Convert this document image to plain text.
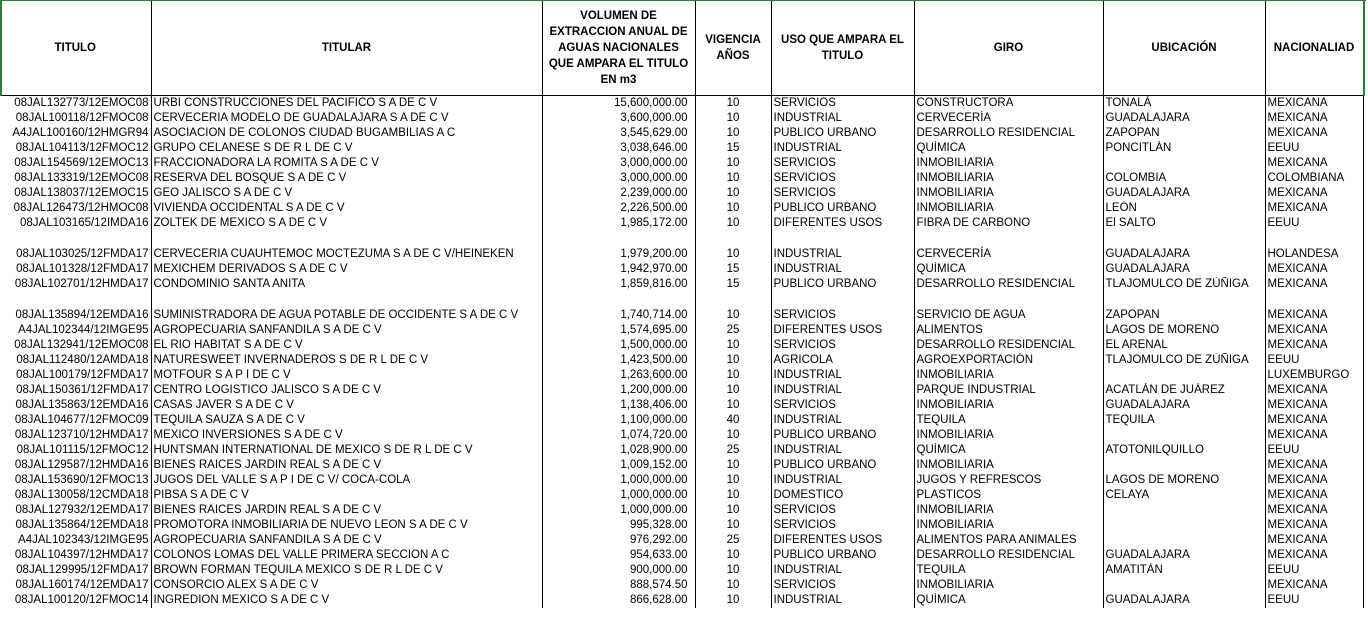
TITULO	TITULAR	VOLUMEN DE EXTRACCION ANUAL DE AGUAS NACIONALES QUE AMPARA EL TITULO EN m3	VIGENCIA AÑOS	USO QUE AMPARA EL TITULO	GIRO	UBICACIÓN	NACIONALIAD
08JAL132773/12EMOC08	URBI CONSTRUCCIONES DEL PACIFICO S A DE C V	15,600,000.00	10	SERVICIOS	CONSTRUCTORA	TONALÁ	MEXICANA
08JAL100118/12FMOC08	CERVECERIA MODELO DE GUADALAJARA S A DE C V	3,600,000.00	10	INDUSTRIAL	CERVECERÍA	GUADALAJARA	MEXICANA
A4JAL100160/12HMGR94	ASOCIACION DE COLONOS CIUDAD BUGAMBILIAS A C	3,545,629.00	10	PUBLICO URBANO	DESARROLLO RESIDENCIAL	ZAPOPAN	MEXICANA
08JAL104113/12FMOC12	GRUPO CELANESE S DE R L DE C V	3,038,646.00	15	INDUSTRIAL	QUÍMICA	PONCITLÁN	EEUU
08JAL154569/12EMOC13	FRACCIONADORA LA ROMITA S A DE C V	3,000,000.00	10	SERVICIOS	INMOBILIARIA		MEXICANA
08JAL133319/12EMOC08	RESERVA DEL BOSQUE S A DE C V	3,000,000.00	10	SERVICIOS	INMOBILIARIA	COLOMBIA	COLOMBIANA
08JAL138037/12EMOC15	GEO JALISCO S A DE C V	2,239,000.00	10	SERVICIOS	INMOBILIARIA	GUADALAJARA	MEXICANA
08JAL126473/12HMOC08	VIVIENDA OCCIDENTAL S A DE C V	2,226,500.00	10	PUBLICO URBANO	INMOBILIARIA	LEÓN	MEXICANA
08JAL103165/12IMDA16	ZOLTEK DE MEXICO S A DE C V	1,985,172.00	10	DIFERENTES USOS	FIBRA DE CARBONO	El SALTO	EEUU
08JAL103025/12FMDA17	CERVECERIA CUAUHTEMOC MOCTEZUMA S A DE C V/HEINEKEN	1,979,200.00	10	INDUSTRIAL	CERVECERÍA	GUADALAJARA	HOLANDESA
08JAL101328/12FMDA17	MEXICHEM DERIVADOS S A DE C V	1,942,970.00	15	INDUSTRIAL	QUÍMICA	GUADALAJARA	MEXICANA
08JAL102701/12HMDA17	CONDOMINIO SANTA ANITA	1,859,816.00	15	PUBLICO URBANO	DESARROLLO RESIDENCIAL	TLAJOMULCO DE ZÚÑIGA	MEXICANA
08JAL135894/12EMDA16	SUMINISTRADORA DE AGUA POTABLE DE OCCIDENTE S A DE C V	1,740,714.00	10	SERVICIOS	SERVICIO DE AGUA	ZAPOPAN	MEXICANA
A4JAL102344/12IMGE95	AGROPECUARIA SANFANDILA S A DE C V	1,574,695.00	25	DIFERENTES USOS	ALIMENTOS	LAGOS DE MORENO	MEXICANA
08JAL132941/12EMOC08	EL RIO HABITAT S A DE C V	1,500,000.00	10	SERVICIOS	DESARROLLO RESIDENCIAL	EL ARENAL	MEXICANA
08JAL112480/12AMDA18	NATURESWEET INVERNADEROS S DE R L DE C V	1,423,500.00	10	AGRICOLA	AGROEXPORTACIÓN	TLAJOMULCO DE ZÚÑIGA	EEUU
08JAL100179/12FMDA17	MOTFOUR S A P I DE C V	1,263,600.00	10	INDUSTRIAL	INMOBILIARIA		LUXEMBURGO
08JAL150361/12FMDA17	CENTRO LOGISTICO JALISCO S A DE C V	1,200,000.00	10	INDUSTRIAL	PARQUE INDUSTRIAL	ACATLÁN DE JUÁREZ	MEXICANA
08JAL135863/12EMDA16	CASAS JAVER S A DE C V	1,138,406.00	10	SERVICIOS	INMOBILIARIA	GUADALAJARA	MEXICANA
08JAL104677/12FMOC09	TEQUILA SAUZA S A DE C V	1,100,000.00	40	INDUSTRIAL	TEQUILA	TEQUILA	MEXICANA
08JAL123710/12HMDA17	MEXICO INVERSIONES S A DE C V	1,074,720.00	10	PUBLICO URBANO	INMOBILIARIA		MEXICANA
08JAL101115/12FMOC12	HUNTSMAN INTERNATIONAL DE MEXICO S DE R L DE C V	1,028,900.00	25	INDUSTRIAL	QUÍMICA	ATOTONILQUILLO	EEUU
08JAL129587/12HMDA16	BIENES RAICES JARDIN REAL S A DE C V	1,009,152.00	10	PUBLICO URBANO	INMOBILIARIA		MEXICANA
08JAL153690/12FMOC13	JUGOS DEL VALLE S A P I DE C V/ COCA-COLA	1,000,000.00	10	INDUSTRIAL	JUGOS Y REFRESCOS	LAGOS DE MORENO	MEXICANA
08JAL130058/12CMDA18	PIBSA S A DE C V	1,000,000.00	10	DOMESTICO	PLASTICOS	CELAYA	MEXICANA
08JAL127932/12EMDA17	BIENES RAICES JARDIN REAL S A DE C V	1,000,000.00	10	SERVICIOS	INMOBILIARIA		MEXICANA
08JAL135864/12EMDA18	PROMOTORA INMOBILIARIA DE NUEVO LEON S A DE C V	995,328.00	10	SERVICIOS	INMOBILIARIA		MEXICANA
A4JAL102343/12IMGE95	AGROPECUARIA SANFANDILA S A DE C V	976,292.00	25	DIFERENTES USOS	ALIMENTOS PARA ANIMALES		MEXICANA
08JAL104397/12HMDA17	COLONOS LOMAS DEL VALLE PRIMERA SECCION A C	954,633.00	10	PUBLICO URBANO	DESARROLLO RESIDENCIAL	GUADALAJARA	MEXICANA
08JAL129995/12FMDA17	BROWN FORMAN TEQUILA MEXICO S DE R L DE C V	900,000.00	10	INDUSTRIAL	TEQUILA	AMATITÁN	EEUU
08JAL160174/12EMDA17	CONSORCIO ALEX S A DE C V	888,574.50	10	SERVICIOS	INMOBILIARIA		MEXICANA
08JAL100120/12FMOC14	INGREDION MEXICO S A DE C V	866,628.00	10	INDUSTRIAL	QUÍMICA	GUADALAJARA	EEUU
